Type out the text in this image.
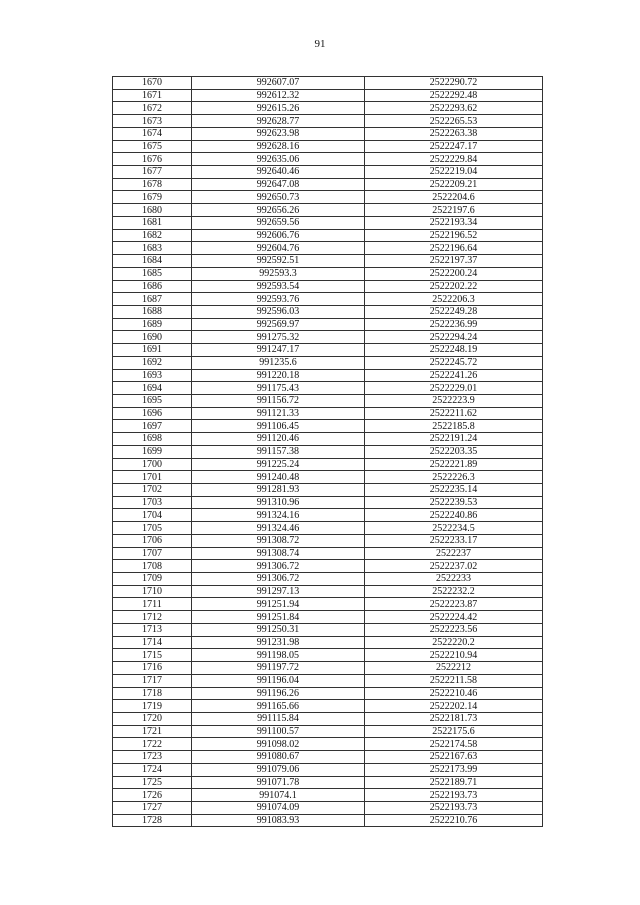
91
1670	992607.07	2522290.72
1671	992612.32	2522292.48
1672	992615.26	2522293.62
1673	992628.77	2522265.53
1674	992623.98	2522263.38
1675	992628.16	2522247.17
1676	992635.06	2522229.84
1677	992640.46	2522219.04
1678	992647.08	2522209.21
1679	992650.73	2522204.6
1680	992656.26	2522197.6
1681	992659.56	2522193.34
1682	992606.76	2522196.52
1683	992604.76	2522196.64
1684	992592.51	2522197.37
1685	992593.3	2522200.24
1686	992593.54	2522202.22
1687	992593.76	2522206.3
1688	992596.03	2522249.28
1689	992569.97	2522236.99
1690	991275.32	2522294.24
1691	991247.17	2522248.19
1692	991235.6	2522245.72
1693	991220.18	2522241.26
1694	991175.43	2522229.01
1695	991156.72	2522223.9
1696	991121.33	2522211.62
1697	991106.45	2522185.8
1698	991120.46	2522191.24
1699	991157.38	2522203.35
1700	991225.24	2522221.89
1701	991240.48	2522226.3
1702	991281.93	2522235.14
1703	991310.96	2522239.53
1704	991324.16	2522240.86
1705	991324.46	2522234.5
1706	991308.72	2522233.17
1707	991308.74	2522237
1708	991306.72	2522237.02
1709	991306.72	2522233
1710	991297.13	2522232.2
1711	991251.94	2522223.87
1712	991251.84	2522224.42
1713	991250.31	2522223.56
1714	991231.98	2522220.2
1715	991198.05	2522210.94
1716	991197.72	2522212
1717	991196.04	2522211.58
1718	991196.26	2522210.46
1719	991165.66	2522202.14
1720	991115.84	2522181.73
1721	991100.57	2522175.6
1722	991098.02	2522174.58
1723	991080.67	2522167.63
1724	991079.06	2522173.99
1725	991071.78	2522189.71
1726	991074.1	2522193.73
1727	991074.09	2522193.73
1728	991083.93	2522210.76
